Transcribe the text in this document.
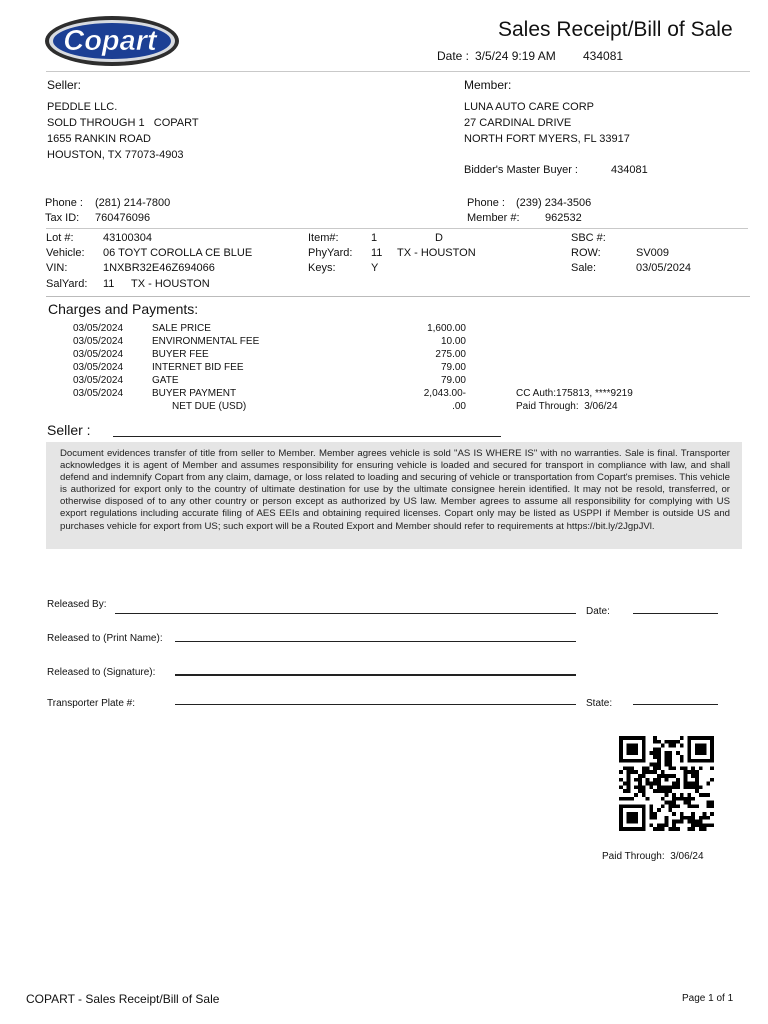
Copart	Sales Receipt/Bill of Sale
Date : 3/5/24 9:19 AM 434081
Seller:
PEDDLE LLC.
SOLD THROUGH 1   COPART
1655 RANKIN ROAD
HOUSTON, TX 77073-4903
Member:
LUNA AUTO CARE CORP
27 CARDINAL DRIVE
NORTH FORT MYERS, FL 33917
Bidder's Master Buyer :	434081
Phone : (281) 214-7800
Tax ID: 760476096
Phone : (239) 234-3506
Member #: 962532
Lot #:	43100304
Vehicle: 06 TOYT COROLLA CE BLUE
VIN:	1NXBR32E46Z694066
SalYard: 11 TX - HOUSTON
Item#:	1	D
PhyYard: 11 TX - HOUSTON
Keys:	Y
SBC #:
ROW:	SV009
Sale:	03/05/2024
Charges and Payments:
03/05/2024	SALE PRICE	1,600.00
03/05/2024	ENVIRONMENTAL FEE	10.00
03/05/2024	BUYER FEE	275.00
03/05/2024	INTERNET BID FEE	79.00
03/05/2024	GATE	79.00
03/05/2024	BUYER PAYMENT	2,043.00-	CC Auth:175813, ****9219
NET DUE (USD)	.00	Paid Through:  3/06/24
Seller :

Document evidences transfer of title from seller to Member. Member agrees vehicle is sold "AS IS WHERE IS" with no warranties. Sale is final. Transporter acknowledges it is agent of Member and assumes responsibility for ensuring vehicle is loaded and secured for transport in compliance with law, and shall defend and indemnify Copart from any claim, damage, or loss related to loading and securing of vehicle or transportation from Copart's premises. This vehicle is authorized for export only to the country of ultimate destination for use by the ultimate consignee herein identified. It may not be resold, transferred, or otherwise disposed of to any other country or person except as authorized by US law. Member agrees to assume all responsibility for complying with US export regulations including accurate filing of AES EEIs and obtaining required licenses. Copart only may be listed as USPPI if Member is outside US and purchases vehicle for export from US; such export will be a Routed Export and Member should refer to requirements at https://bit.ly/2JgpJVl.

Released By:
Date:
Released to (Print Name):
Released to (Signature):
Transporter Plate #:	State:
Paid Through:  3/06/24
COPART - Sales Receipt/Bill of Sale	Page 1 of 1
